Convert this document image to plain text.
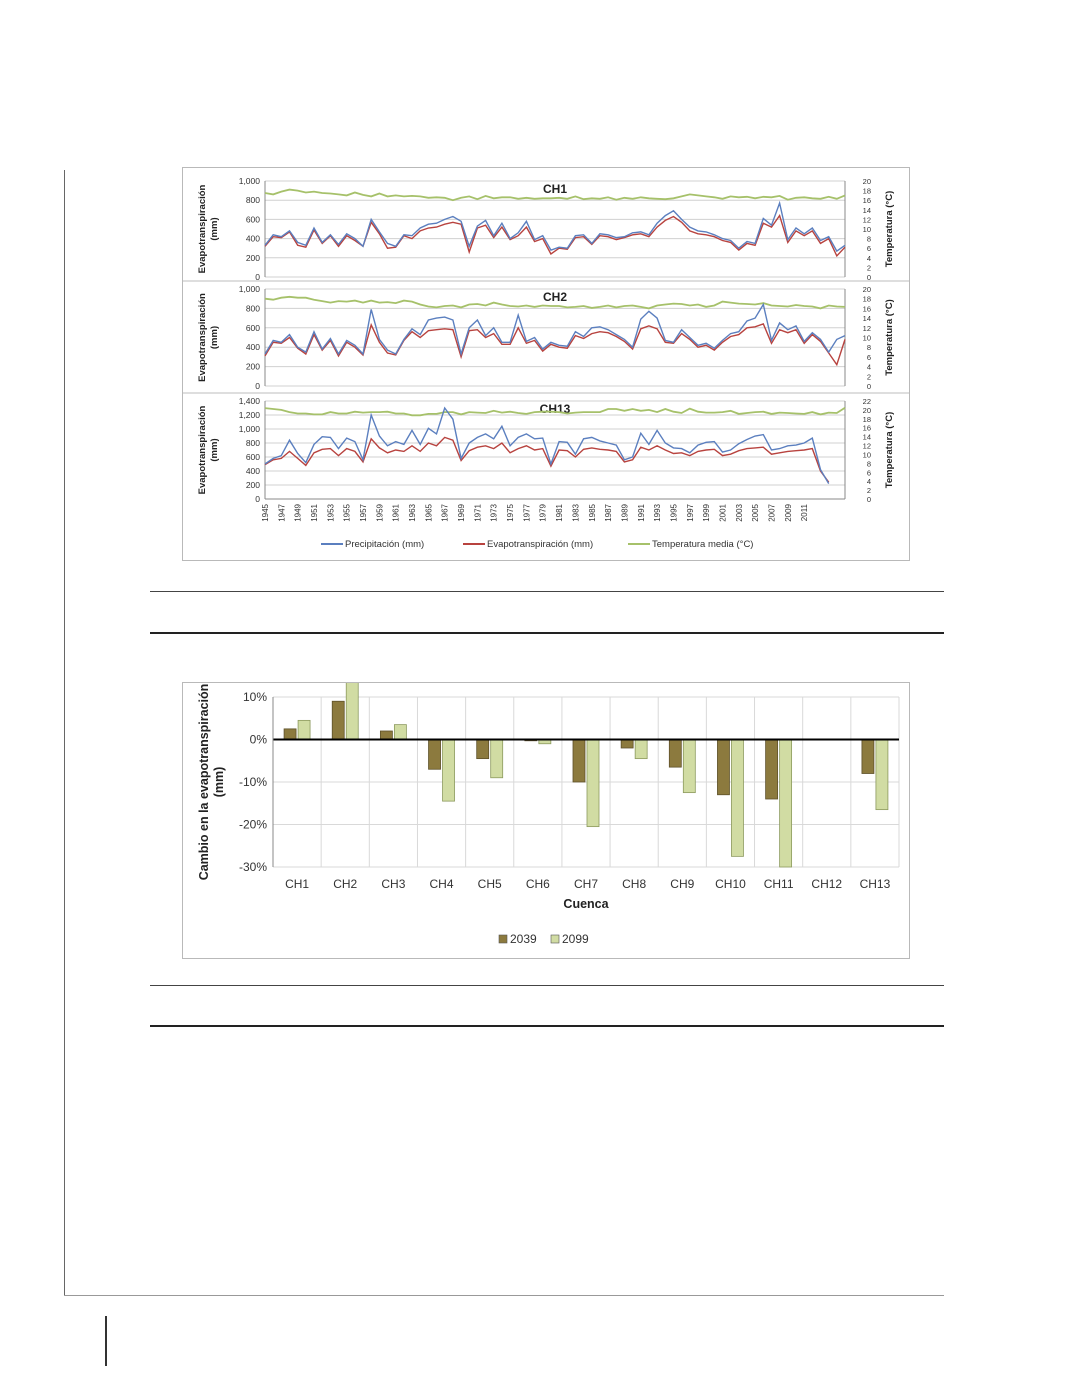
0
200
400
600
800
1,000
0
2
4
6
8
10
12
14
16
18
20
CH1
Evapotranspiración (mm)	Temperatura (°C)
0
200
400
600
800
1,000
0
2
4
6
8
10
12
14
16
18
20
CH2
Evapotranspiración (mm)	Temperatura (°C)
0
200
400
600
800
1,000
1,200
1,400
0
2
4
6
8
10
12
14
16
18
20
22
CH13
Evapotranspiración (mm)	Temperatura (°C)
1945 1947 1949 1951 1953 1955 1957 1959 1961 1963 1965 1967 1969 1971 1973 1975 1977 1979 1981 1983 1985 1987 1989 1991 1993 1995 1997 1999 2001 2003 2005 2007 2009 2011
Precipitación (mm)	Evapotranspiración (mm)	Temperatura media (°C)
-30%
-20%
-10%
0%
10%
CH1 CH2 CH3 CH4 CH5 CH6 CH7 CH8 CH9 CH10 CH11 CH12 CH13
Cuenca
Cambio en la evapotranspiración (mm)
2039 2099
